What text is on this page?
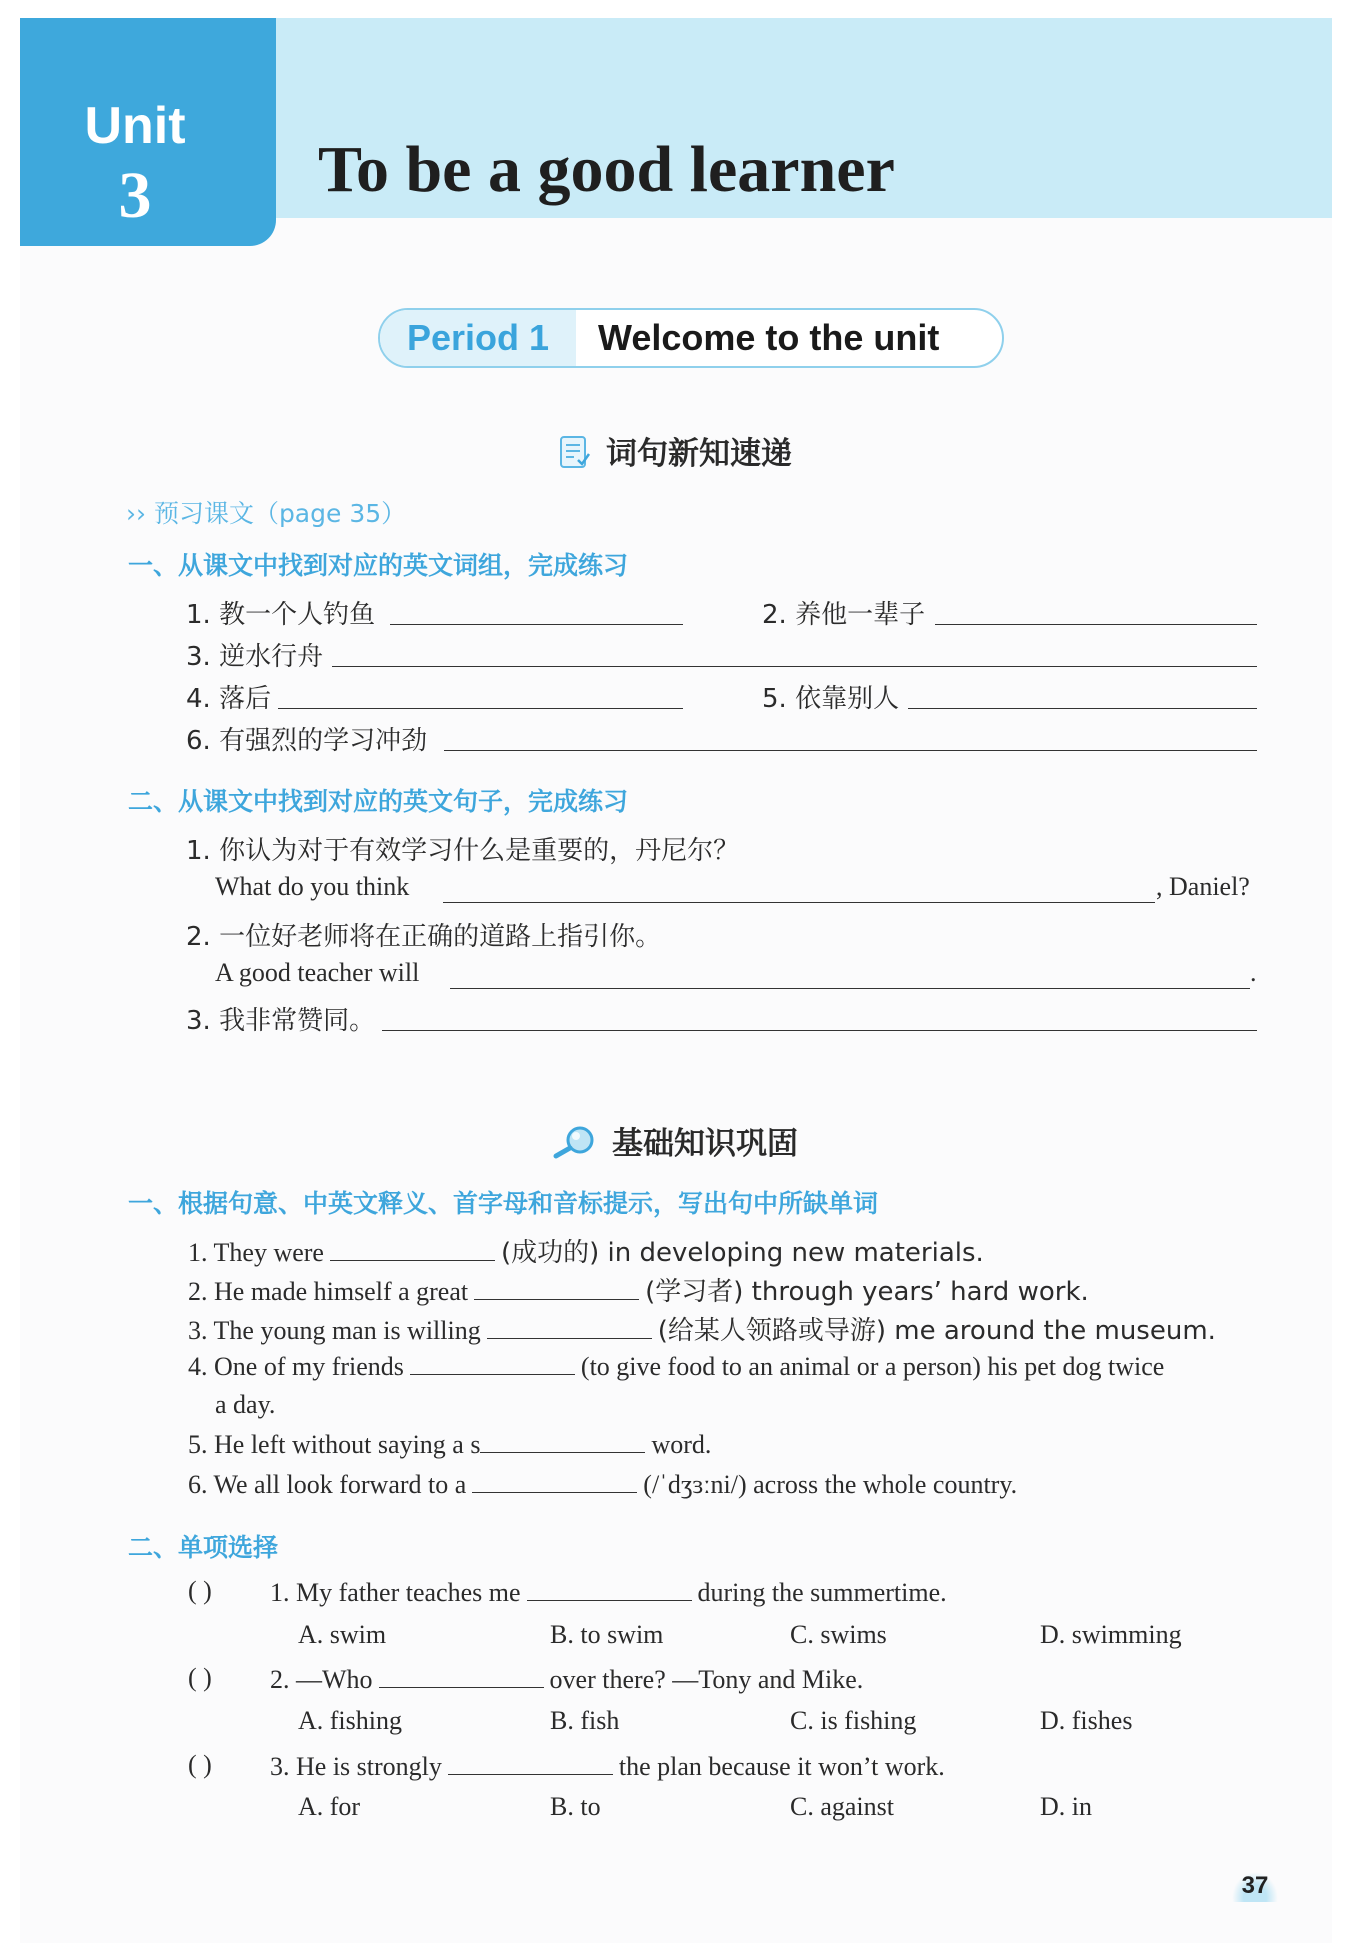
Unit
3	To be a good learner
Period 1	Welcome to the unit
词句新知速递
›› 预习课文（page 35）
一、从课文中找到对应的英文词组，完成练习
1. 教一个人钓鱼	2. 养他一辈子
3. 逆水行舟
4. 落后	5. 依靠别人
6. 有强烈的学习冲劲
二、从课文中找到对应的英文句子，完成练习
1. 你认为对于有效学习什么是重要的，丹尼尔？
What do you think	, Daniel?
2. 一位好老师将在正确的道路上指引你。
A good teacher will	.
3. 我非常赞同。
基础知识巩固
一、根据句意、中英文释义、首字母和音标提示，写出句中所缺单词
1. They were	(成功的) in developing new materials.
2. He made himself a great	(学习者) through years’ hard work.
3. The young man is willing	(给某人领路或导游) me around the museum.
4. One of my friends	(to give food to an animal or a person) his pet dog twice
a day.
5. He left without saying a s	word.
6. We all look forward to a	(/ˈdʒɜːni/) across the whole country.
二、单项选择
( ) 1. My father teaches me	during the summertime.
A. swim	B. to swim	C. swims	D. swimming
( ) 2. —Who	over there? —Tony and Mike.
A. fishing	B. fish	C. is fishing	D. fishes
( ) 3. He is strongly	the plan because it won’t work.
A. for	B. to	C. against	D. in
37
